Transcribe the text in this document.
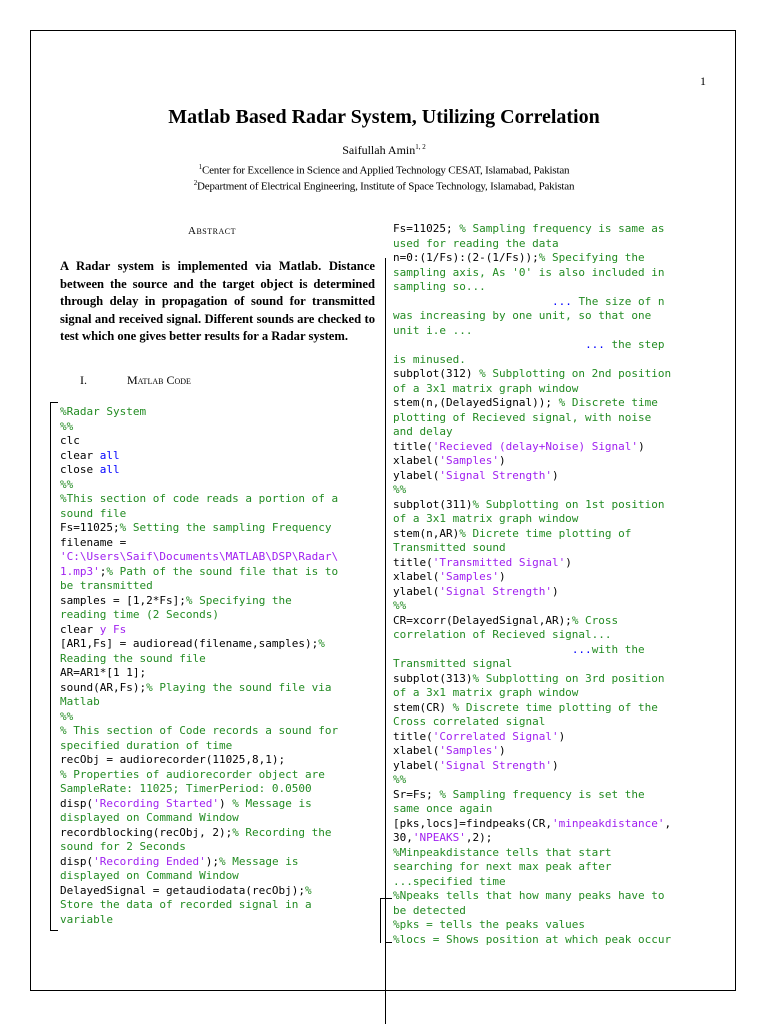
1
Matlab Based Radar System, Utilizing Correlation
Saifullah Amin$^{1, 2}$
$^1$Center for Excellence in Science and Applied Technology CESAT, Islamabad, Pakistan
$^2$Department of Electrical Engineering, Institute of Space Technology, Islamabad, Pakistan
Abstract
A Radar system is implemented via Matlab. Distance between the source and the target object is determined through delay in propagation of sound for transmitted signal and received signal. Different sounds are checked to test which one gives better results for a Radar system.
I.	Matlab Code
%Radar System
%%
clc
clear all
close all
%%
%This section of code reads a portion of a
sound file
Fs=11025;% Setting the sampling Frequency
filename =
'C:\Users\Saif\Documents\MATLAB\DSP\Radar\
1.mp3';% Path of the sound file that is to
be transmitted
samples = [1,2*Fs];% Specifying the
reading time (2 Seconds)
clear y Fs
[AR1,Fs] = audioread(filename,samples);%
Reading the sound file
AR=AR1*[1 1];
sound(AR,Fs);% Playing the sound file via
Matlab
%%
% This section of Code records a sound for
specified duration of time
recObj = audiorecorder(11025,8,1);
% Properties of audiorecorder object are
SampleRate: 11025; TimerPeriod: 0.0500
disp('Recording Started') % Message is
displayed on Command Window
recordblocking(recObj, 2);% Recording the
sound for 2 Seconds
disp('Recording Ended');% Message is
displayed on Command Window
DelayedSignal = getaudiodata(recObj);%
Store the data of recorded signal in a
variable
Fs=11025; % Sampling frequency is same as
used for reading the data
n=0:(1/Fs):(2-(1/Fs));% Specifying the
sampling axis, As '0' is also included in
sampling so...
... The size of n
was increasing by one unit, so that one
unit i.e ...
... the step
is minused.
subplot(312) % Subplotting on 2nd position
of a 3x1 matrix graph window
stem(n,(DelayedSignal)); % Discrete time
plotting of Recieved signal, with noise
and delay
title('Recieved (delay+Noise) Signal')
xlabel('Samples')
ylabel('Signal Strength')
%%
subplot(311)% Subplotting on 1st position
of a 3x1 matrix graph window
stem(n,AR)% Dicrete time plotting of
Transmitted sound
title('Transmitted Signal')
xlabel('Samples')
ylabel('Signal Strength')
%%
CR=xcorr(DelayedSignal,AR);% Cross
correlation of Recieved signal...
...with the
Transmitted signal
subplot(313)% Subplotting on 3rd position
of a 3x1 matrix graph window
stem(CR) % Discrete time plotting of the
Cross correlated signal
title('Correlated Signal')
xlabel('Samples')
ylabel('Signal Strength')
%%
Sr=Fs; % Sampling frequency is set the
same once again
[pks,locs]=findpeaks(CR,'minpeakdistance',
30,'NPEAKS',2);
%Minpeakdistance tells that start
searching for next max peak after
...specified time
%Npeaks tells that how many peaks have to
be detected
%pks = tells the peaks values
%locs = Shows position at which peak occur
